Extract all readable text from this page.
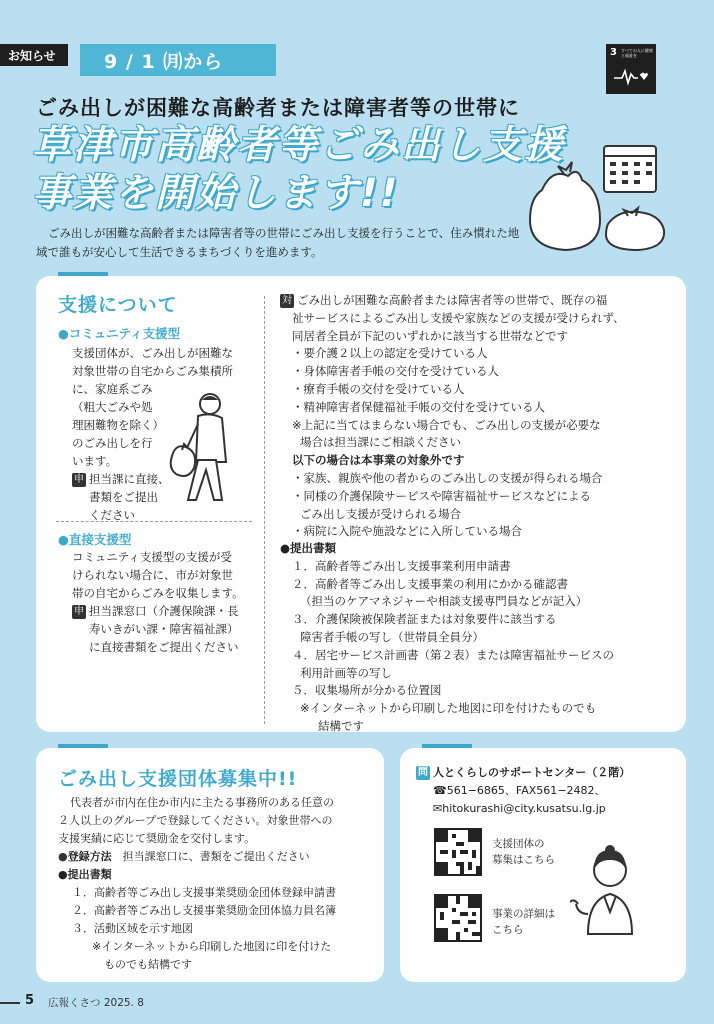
お知らせ	9 / 1 ㈪から	3 すべての人に健康と福祉を
ごみ出しが困難な高齢者または障害者等の世帯に
草津市高齢者等ごみ出し支援
事業を開始します!!
ごみ出しが困難な高齢者または障害者等の世帯にごみ出し支援を行うことで、住み慣れた地域で誰もが安心して生活できるまちづくりを進めます。
支援について
●コミュニティ支援型
支援団体が、ごみ出しが困難な
対象世帯の自宅からごみ集積所
に、家庭系ごみ
（粗大ごみや処
理困難物を除く）
のごみ出しを行
います。
申 担当課に直接、
書類をご提出
ください
●直接支援型
コミュニティ支援型の支援が受
けられない場合に、市が対象世
帯の自宅からごみを収集します。
申 担当課窓口（介護保険課・長
寿いきがい課・障害福祉課）
に直接書類をご提出ください
対 ごみ出しが困難な高齢者または障害者等の世帯で、既存の福
祉サービスによるごみ出し支援や家族などの支援が受けられず、
同居者全員が下記のいずれかに該当する世帯などです
・要介護２以上の認定を受けている人
・身体障害者手帳の交付を受けている人
・療育手帳の交付を受けている人
・精神障害者保健福祉手帳の交付を受けている人
※上記に当てはまらない場合でも、ごみ出しの支援が必要な
場合は担当課にご相談ください
以下の場合は本事業の対象外です
・家族、親族や他の者からのごみ出しの支援が得られる場合
・同様の介護保険サービスや障害福祉サービスなどによる
ごみ出し支援が受けられる場合
・病院に入院や施設などに入所している場合
●提出書類
１．高齢者等ごみ出し支援事業利用申請書
２．高齢者等ごみ出し支援事業の利用にかかる確認書
（担当のケアマネジャーや相談支援専門員などが記入）
３．介護保険被保険者証または対象要件に該当する
障害者手帳の写し（世帯員全員分）
４．居宅サービス計画書（第２表）または障害福祉サービスの
利用計画等の写し
５．収集場所が分かる位置図
※インターネットから印刷した地図に印を付けたものでも
結構です
ごみ出し支援団体募集中!!
代表者が市内在住か市内に主たる事務所のある任意の
２人以上のグループで登録してください。対象世帯への
支援実績に応じて奨励金を交付します。
●登録方法　 担当課窓口に、書類をご提出ください
●提出書類
１．高齢者等ごみ出し支援事業奨励金団体登録申請書
２．高齢者等ごみ出し支援事業奨励金団体協力員名簿
３．活動区域を示す地図
※インターネットから印刷した地図に印を付けた
ものでも結構です
問 人とくらしのサポートセンター（２階）
☎561−6865、FAX561−2482、
✉hitokurashi@city.kusatsu.lg.jp
支援団体の
募集はこちら
事業の詳細は
こちら
5 広報くさつ 2025. 8
